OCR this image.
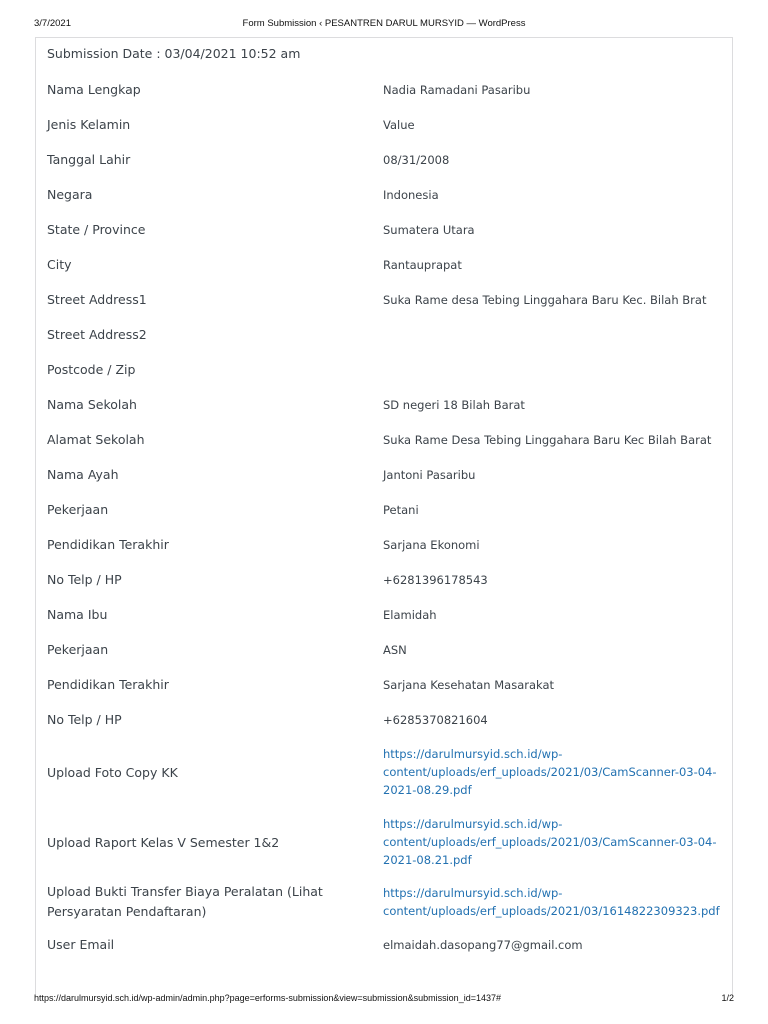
3/7/2021	Form Submission ‹ PESANTREN DARUL MURSYID — WordPress
Submission Date : 03/04/2021 10:52 am
Nama Lengkap	Nadia Ramadani Pasaribu
Jenis Kelamin	Value
Tanggal Lahir	08/31/2008
Negara	Indonesia
State / Province	Sumatera Utara
City	Rantauprapat
Street Address1	Suka Rame desa Tebing Linggahara Baru Kec. Bilah Brat
Street Address2	
Postcode / Zip	
Nama Sekolah	SD negeri 18 Bilah Barat
Alamat Sekolah	Suka Rame Desa Tebing Linggahara Baru Kec Bilah Barat
Nama Ayah	Jantoni Pasaribu
Pekerjaan	Petani
Pendidikan Terakhir	Sarjana Ekonomi
No Telp / HP	+6281396178543
Nama Ibu	Elamidah
Pekerjaan	ASN
Pendidikan Terakhir	Sarjana Kesehatan Masarakat
No Telp / HP	+6285370821604
Upload Foto Copy KK	https://darulmursyid.sch.id/wp-content/uploads/erf_uploads/2021/03/CamScanner-03-04-2021-08.29.pdf
Upload Raport Kelas V Semester 1&2	https://darulmursyid.sch.id/wp-content/uploads/erf_uploads/2021/03/CamScanner-03-04-2021-08.21.pdf
Upload Bukti Transfer Biaya Peralatan (Lihat Persyaratan Pendaftaran)	https://darulmursyid.sch.id/wp-content/uploads/erf_uploads/2021/03/1614822309323.pdf
User Email	elmaidah.dasopang77@gmail.com
https://darulmursyid.sch.id/wp-admin/admin.php?page=erforms-submission&view=submission&submission_id=1437#	1/2
